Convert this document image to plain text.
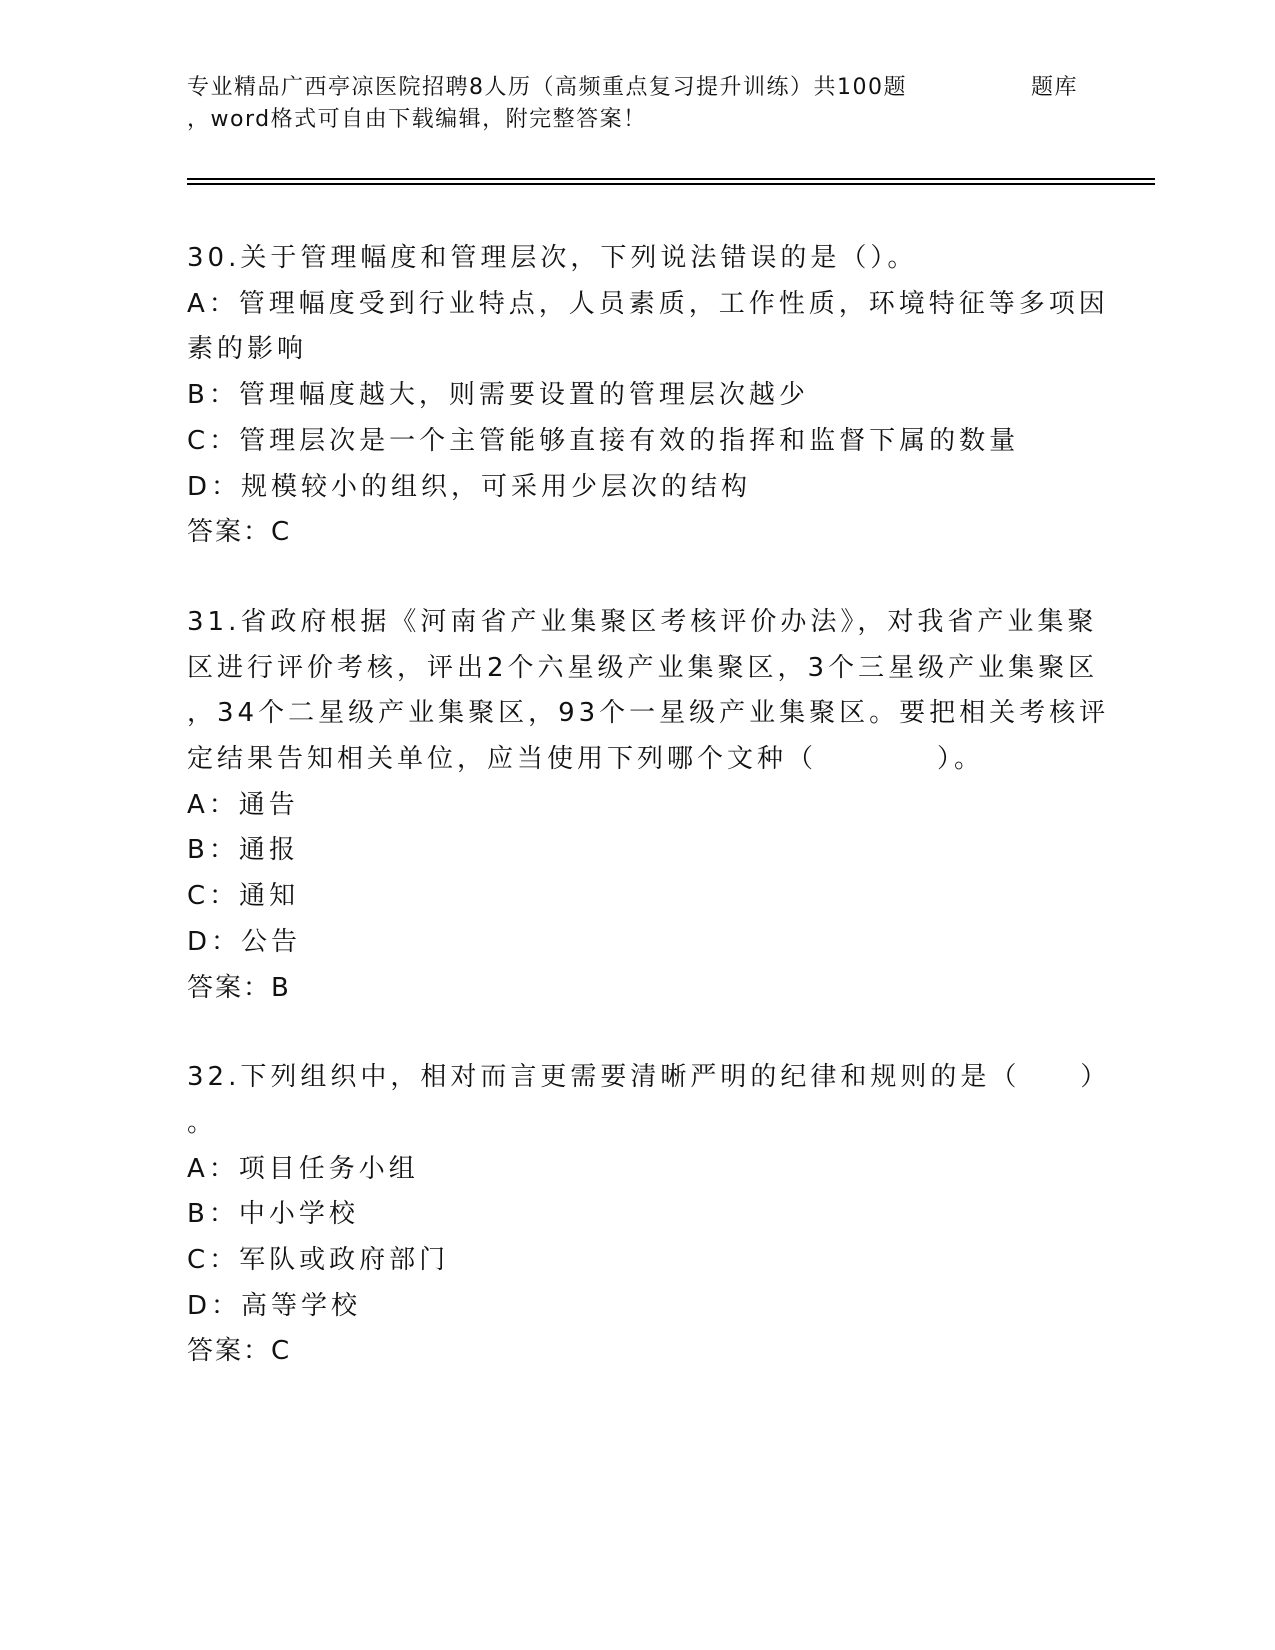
专业精品广西亭凉医院招聘8人历（高频重点复习提升训练）共100题	题库
，word格式可自由下载编辑，附完整答案！
30.关于管理幅度和管理层次，下列说法错误的是（）。
A：管理幅度受到行业特点，人员素质，工作性质，环境特征等多项因
素的影响
B：管理幅度越大，则需要设置的管理层次越少
C：管理层次是一个主管能够直接有效的指挥和监督下属的数量
D：规模较小的组织，可采用少层次的结构
答案：C
31.省政府根据《河南省产业集聚区考核评价办法》，对我省产业集聚
区进行评价考核，评出2个六星级产业集聚区，3个三星级产业集聚区
，34个二星级产业集聚区，93个一星级产业集聚区。要把相关考核评
定结果告知相关单位，应当使用下列哪个文种（　　　　）。
A：通告
B：通报
C：通知
D：公告
答案：B
32.下列组织中，相对而言更需要清晰严明的纪律和规则的是（　　）
。
A：项目任务小组
B：中小学校
C：军队或政府部门
D：高等学校
答案：C
